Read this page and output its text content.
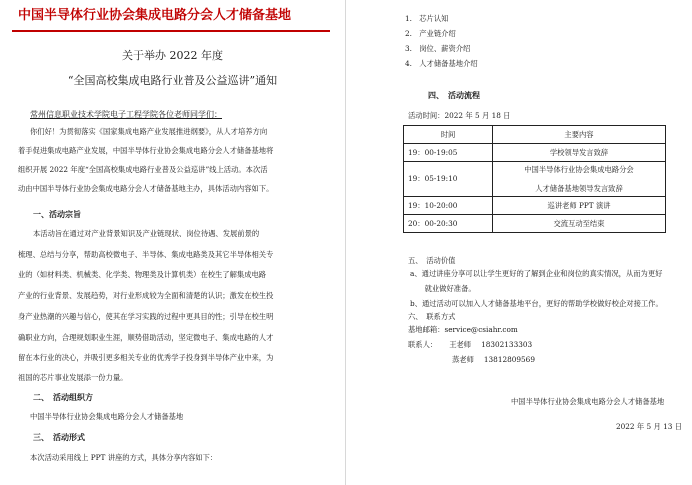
中国半导体行业协会集成电路分会人才储备基地
关于举办 2022 年度
“全国高校集成电路行业普及公益巡讲”通知
常州信息职业技术学院电子工程学院各位老师同学们：
你们好！为贯彻落实《国家集成电路产业发展推进纲要》，从人才培养方向
着手促进集成电路产业发展，中国半导体行业协会集成电路分会人才储备基地将
组织开展 2022 年度“全国高校集成电路行业普及公益巡讲”线上活动。本次活
动由中国半导体行业协会集成电路分会人才储备基地主办，具体活动内容如下。
一、活动宗旨
本活动旨在通过对产业背景知识及产业链现状、岗位待遇、发展前景的
梳理、总结与分享，帮助高校微电子、半导体、集成电路类及其它半导体相关专
业的（如材料类、机械类、化学类、物理类及计算机类）在校生了解集成电路
产业的行业背景、发展趋势，对行业形成较为全面和清楚的认识；激发在校生投
身产业热潮的兴趣与信心，使其在学习实践的过程中更具目的性；引导在校生明
确职业方向，合理规划职业生涯，顺势借助活动，坚定微电子、集成电路的人才
留在本行业的决心，并吸引更多相关专业的优秀学子投身到半导体产业中来，为
祖国的芯片事业发展添一份力量。
二、　活动组织方
中国半导体行业协会集成电路分会人才储备基地
三、　活动形式
本次活动采用线上 PPT 讲座的方式，具体分享内容如下：
1.　芯片认知
2.　产业链介绍
3.　岗位、薪资介绍
4.　人才储备基地介绍
四、　活动流程
活动时间：2022 年 5 月 18 日
时间	主要内容
19：00-19:05	学校领导发言致辞
19：05-19:10	中国半导体行业协会集成电路分会
人才储备基地领导发言致辞

19：10-20:00	巡讲老师 PPT 演讲
20：00-20:30	交流互动至结束
五、　活动价值
a、通过讲座分享可以让学生更好的了解到企业和岗位的真实情况，从而为更好
　　就业做好准备。
b、通过活动可以加入人才储备基地平台，更好的帮助学校做好校企对接工作。
六、　联系方式
基地邮箱：service@csiahr.com
联系人： 王老师 18302133303
蒸老师 13812809569
中国半导体行业协会集成电路分会人才储备基地
2022 年 5 月 13 日
